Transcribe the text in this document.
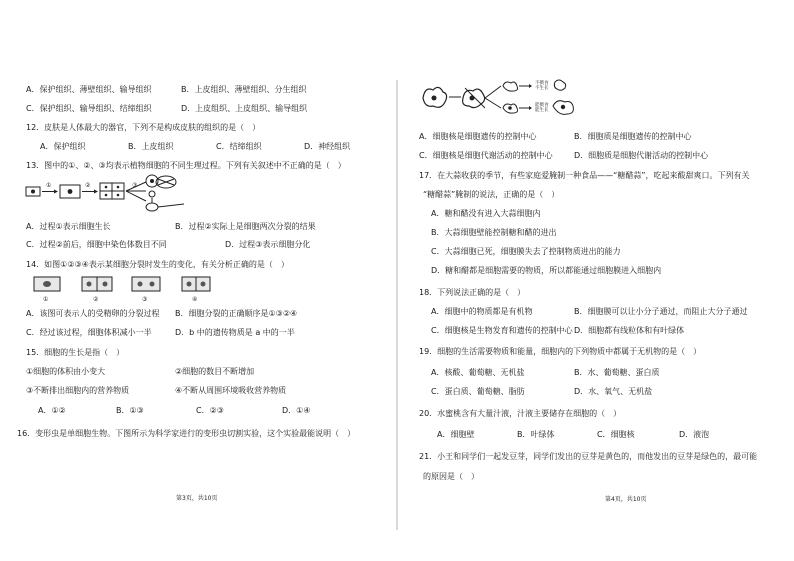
A．保护组织、薄壁组织、输导组织	B．上皮组织、薄壁组织、分生组织
C．保护组织、输导组织、结缔组织	D．上皮组织、上皮组织、输导组织
12．皮肤是人体最大的器官，下列不是构成皮肤的组织的是（　）
A．保护组织	B．上皮组织	C．结缔组织	D．神经组织
13．图中的①、②、③均表示植物细胞的不同生理过程。下列有关叙述中不正确的是（　）
①	②	③
A．过程①表示细胞生长	B．过程②实际上是细胞两次分裂的结果
C．过程②前后，细胞中染色体数目不同	D．过程③表示细胞分化
14．如图①②③④表示某细胞分裂时发生的变化，有关分析正确的是（　）
①	②	③	④
A．该图可表示人的受精卵的分裂过程 B．细胞分裂的正确顺序是①③②④
C．经过该过程，细胞体积减小一半	D．b 中的遗传物质是 a 中的一半
15．细胞的生长是指（　）
①细胞的体积由小变大	②细胞的数目不断增加
③不断排出细胞内的营养物质	④不断从周围环境吸收营养物质
A．①②	B．①③	C．②③	D．①④
16．变形虫是单细胞生物。下图所示为科学家进行的变形虫切割实验，这个实验最能说明（　）
第3页，共10页
不摄食不生长
能摄食能生长
A．细胞核是细胞遗传的控制中心	B．细胞质是细胞遗传的控制中心
C．细胞核是细胞代谢活动的控制中心	D．细胞质是细胞代谢活动的控制中心
17．在大蒜收获的季节，有些家庭爱腌制一种食品——“糖醋蒜”，吃起来酸甜爽口。下列有关
“糖醋蒜”腌制的说法，正确的是（　）
A．糖和醋没有进入大蒜细胞内
B．大蒜细胞壁能控制糖和醋的进出
C．大蒜细胞已死，细胞膜失去了控制物质进出的能力
D．糖和醋都是细胞需要的物质，所以都能通过细胞膜进入细胞内
18．下列说法正确的是（　）
A．细胞中的物质都是有机物	B．细胞膜可以让小分子通过，而阻止大分子通过
C．细胞核是生物发育和遗传的控制中心 D．细胞都有线粒体和有叶绿体
19．细胞的生活需要物质和能量，细胞内的下列物质中都属于无机物的是（　）
A．核酸、葡萄糖、无机盐	B．水、葡萄糖、蛋白质
C．蛋白质、葡萄糖、脂肪	D．水、氧气、无机盐
20．水蜜桃含有大量汁液，汁液主要储存在细胞的（　）
A．细胞壁	B．叶绿体	C．细胞核	D．液泡
21．小王和同学们一起发豆芽，同学们发出的豆芽是黄色的，而他发出的豆芽是绿色的，最可能
的原因是（　）
第4页，共10页
